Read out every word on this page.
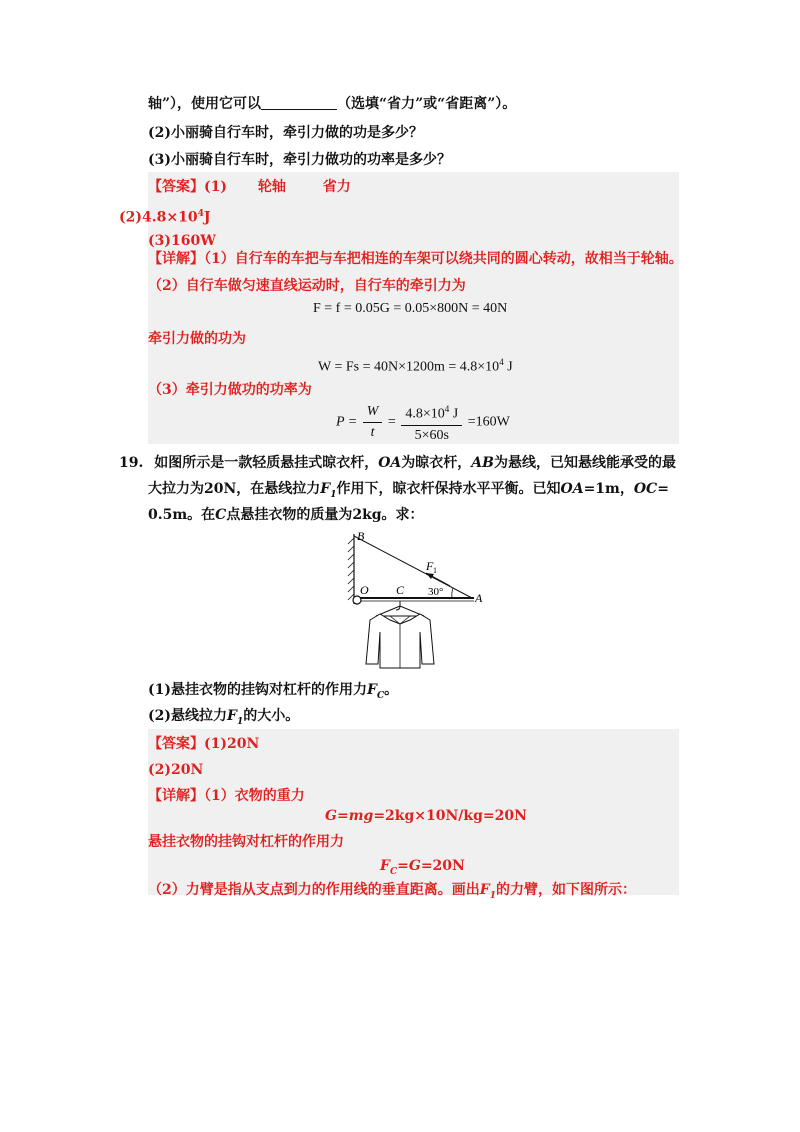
轴”），使用它可以	（选填“省力”或“省距离”）。
(2)小丽骑自行车时，牵引力做的功是多少？
(3)小丽骑自行车时，牵引力做功的功率是多少？
【答案】(1) 轮轴	省力
$(2)4.8\times 10^4J$
(3)160W
【详解】（1）自行车的车把与车把相连的车架可以绕共同的圆心转动，故相当于轮轴。
（2）自行车做匀速直线运动时，自行车的牵引力为
F = f = 0.05G = 0.05×800N = 40N
牵引力做的功为
$W = Fs = 40N\times 1200m = 4.8\times 10^4$ J
（3）牵引力做功的功率为
$P = \frac{W}{t} = \frac{4.8\times 10^4 J}{5\times 60s} =160W$
19. 如图所示是一款轻质悬挂式晾衣杆，OA为晾衣杆，AB为悬线，已知悬线能承受的最
大拉力为20N，在悬线拉力$F_1$作用下，晾衣杆保持水平平衡。已知OA=1m，OC=
0.5m。在C点悬挂衣物的质量为2kg。求：
B
O C
A
F 1
30°
(1)悬挂衣物的挂钩对杠杆的作用力$F_C$。
(2)悬线拉力$F_1$的大小。
【答案】(1)20N
(2)20N
【详解】（1）衣物的重力
G=mg=2kg×10N/kg=20N
悬挂衣物的挂钩对杠杆的作用力
$F_C=G=20N$
（2）力臂是指从支点到力的作用线的垂直距离。画出$F_1$的力臂，如下图所示：
